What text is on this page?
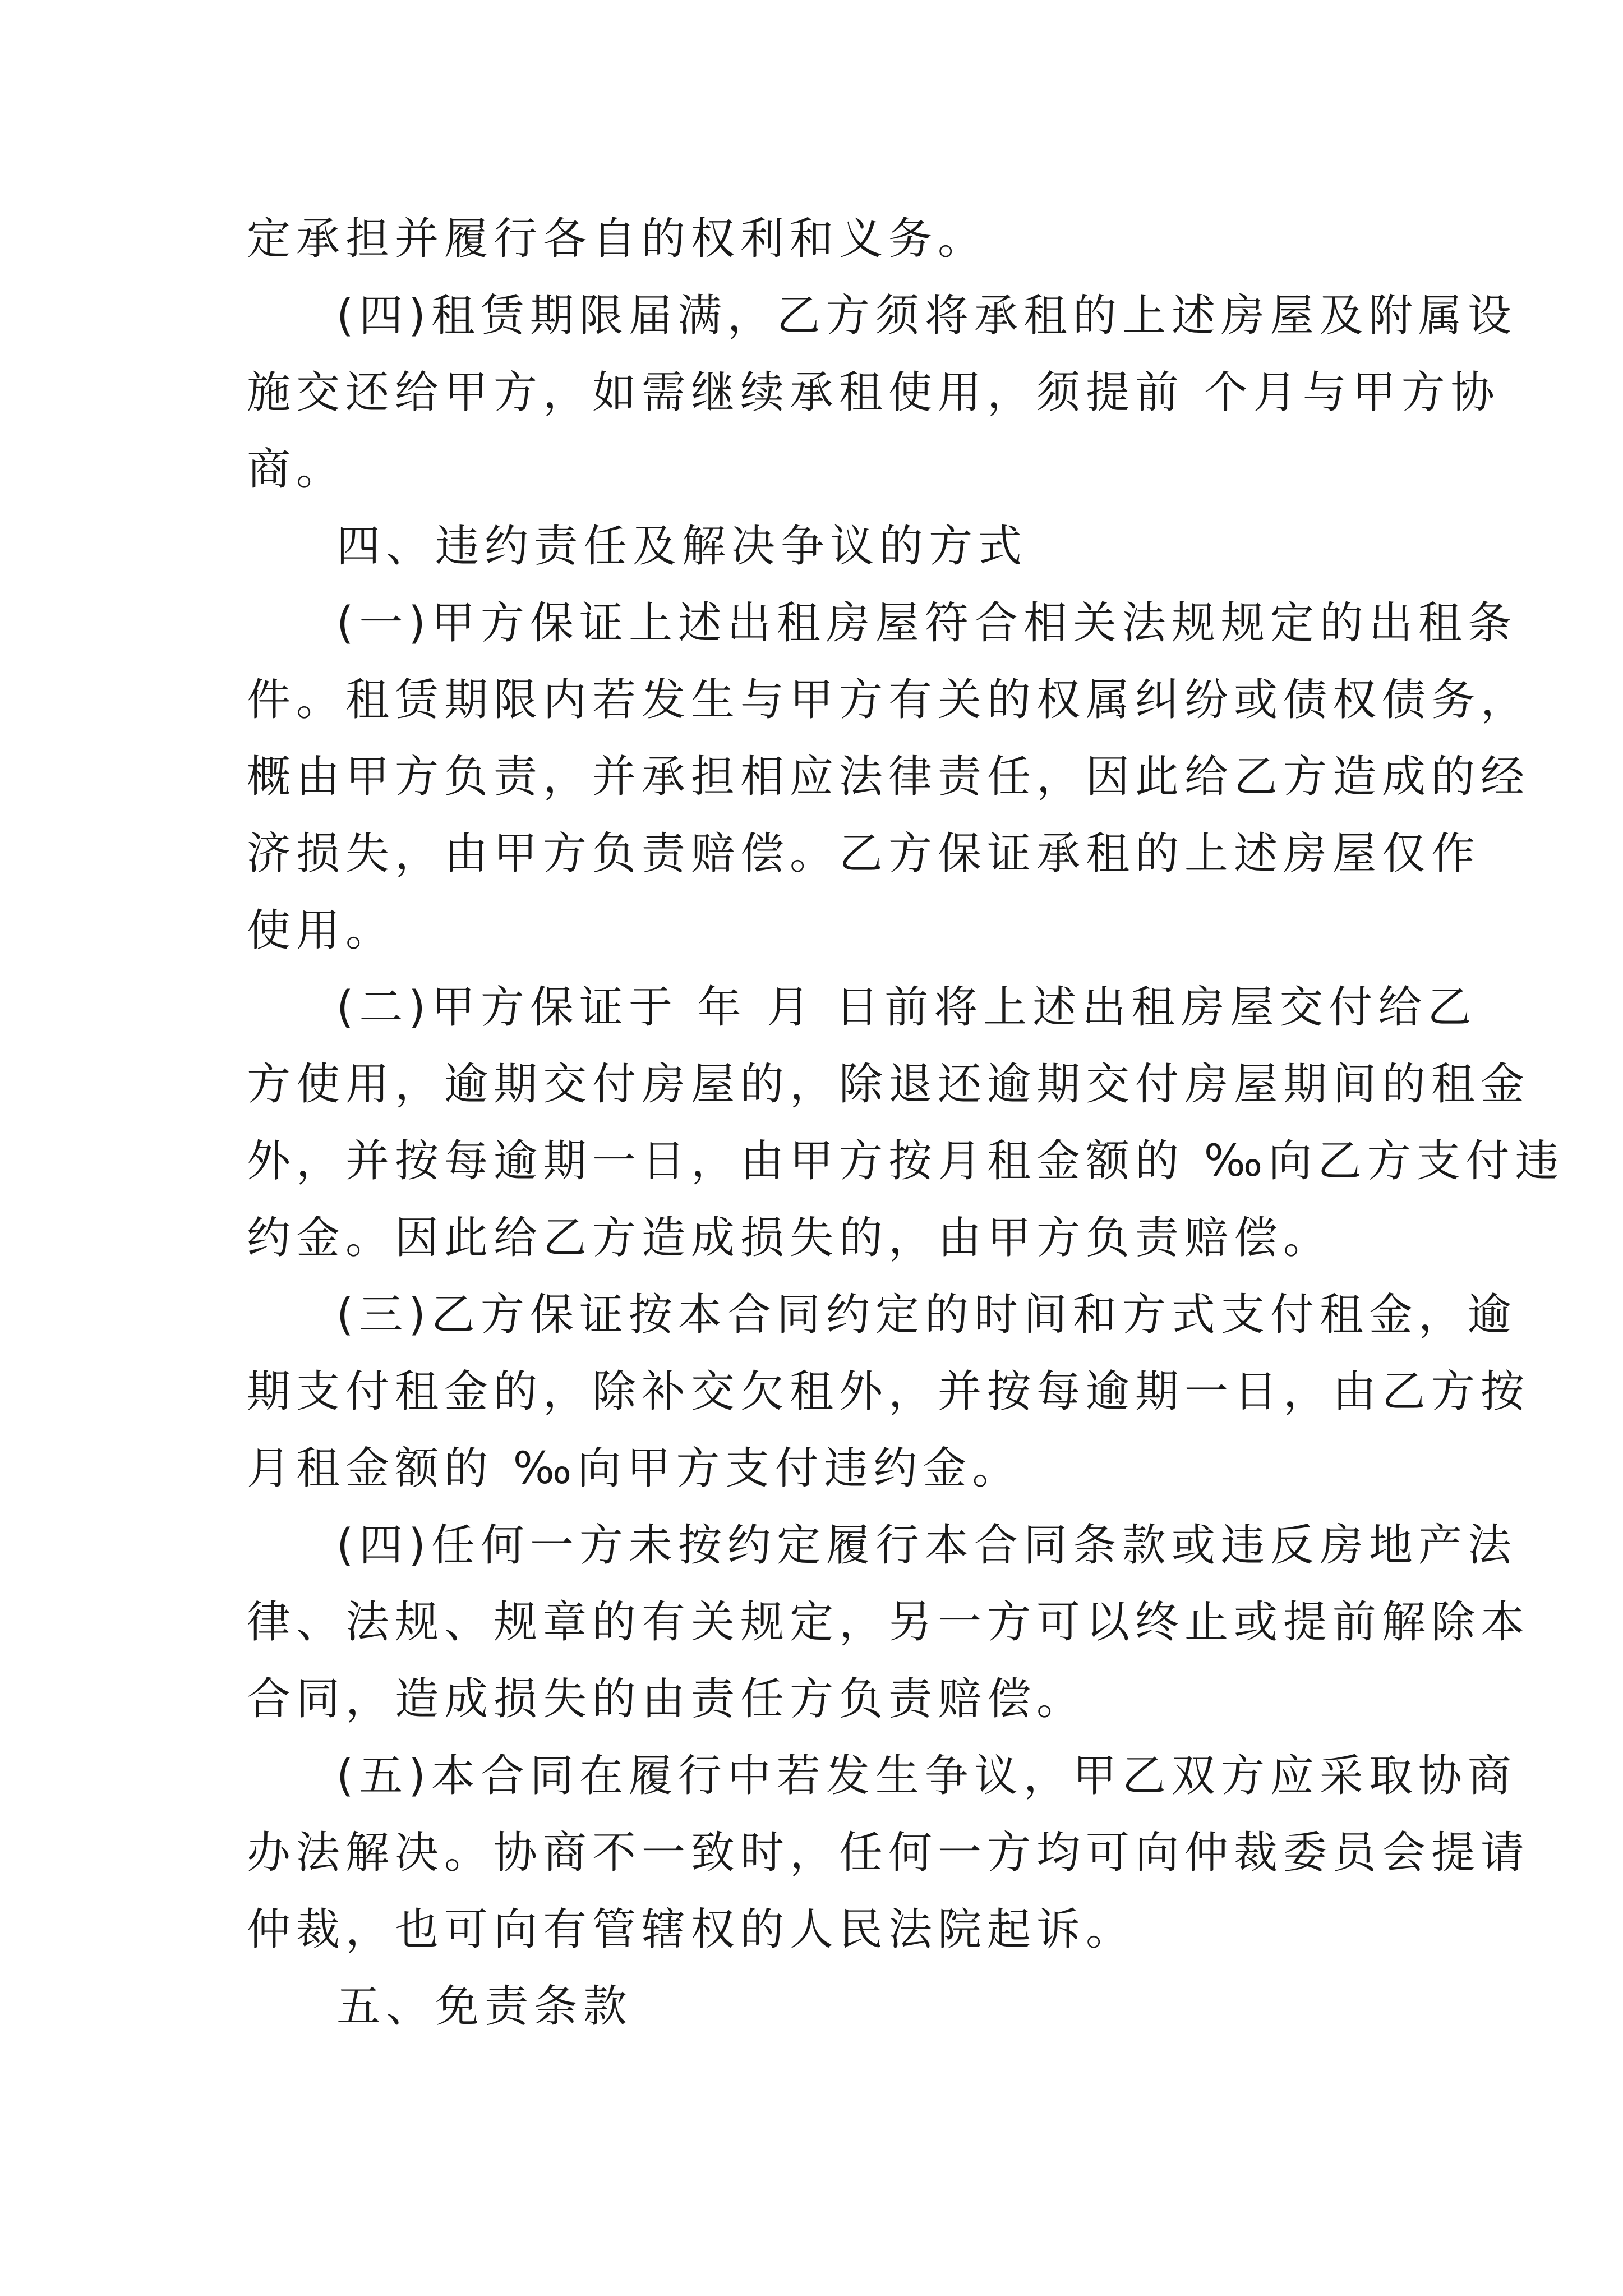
定承担并履行各自的权利和义务。

(四)租赁期限届满，乙方须将承租的上述房屋及附属设

施交还给甲方，如需继续承租使用，须提前 个月与甲方协
商。

四、违约责任及解决争议的方式

(一)甲方保证上述出租房屋符合相关法规规定的出租条

件。租赁期限内若发生与甲方有关的权属纠纷或债权债务，
概由甲方负责，并承担相应法律责任，因此给乙方造成的经
济损失，由甲方负责赔偿。乙方保证承租的上述房屋仅作
使用。

(二)甲方保证于 年 月 日前将上述出租房屋交付给乙

方使用，逾期交付房屋的，除退还逾期交付房屋期间的租金
外，并按每逾期一日，由甲方按月租金额的 ‰向乙方支付违
约金。因此给乙方造成损失的，由甲方负责赔偿。

(三)乙方保证按本合同约定的时间和方式支付租金，逾

期支付租金的，除补交欠租外，并按每逾期一日，由乙方按
月租金额的 ‰向甲方支付违约金。

(四)任何一方未按约定履行本合同条款或违反房地产法

律、法规、规章的有关规定，另一方可以终止或提前解除本
合同，造成损失的由责任方负责赔偿。

(五)本合同在履行中若发生争议，甲乙双方应采取协商

办法解决。协商不一致时，任何一方均可向仲裁委员会提请
仲裁，也可向有管辖权的人民法院起诉。

五、免责条款
